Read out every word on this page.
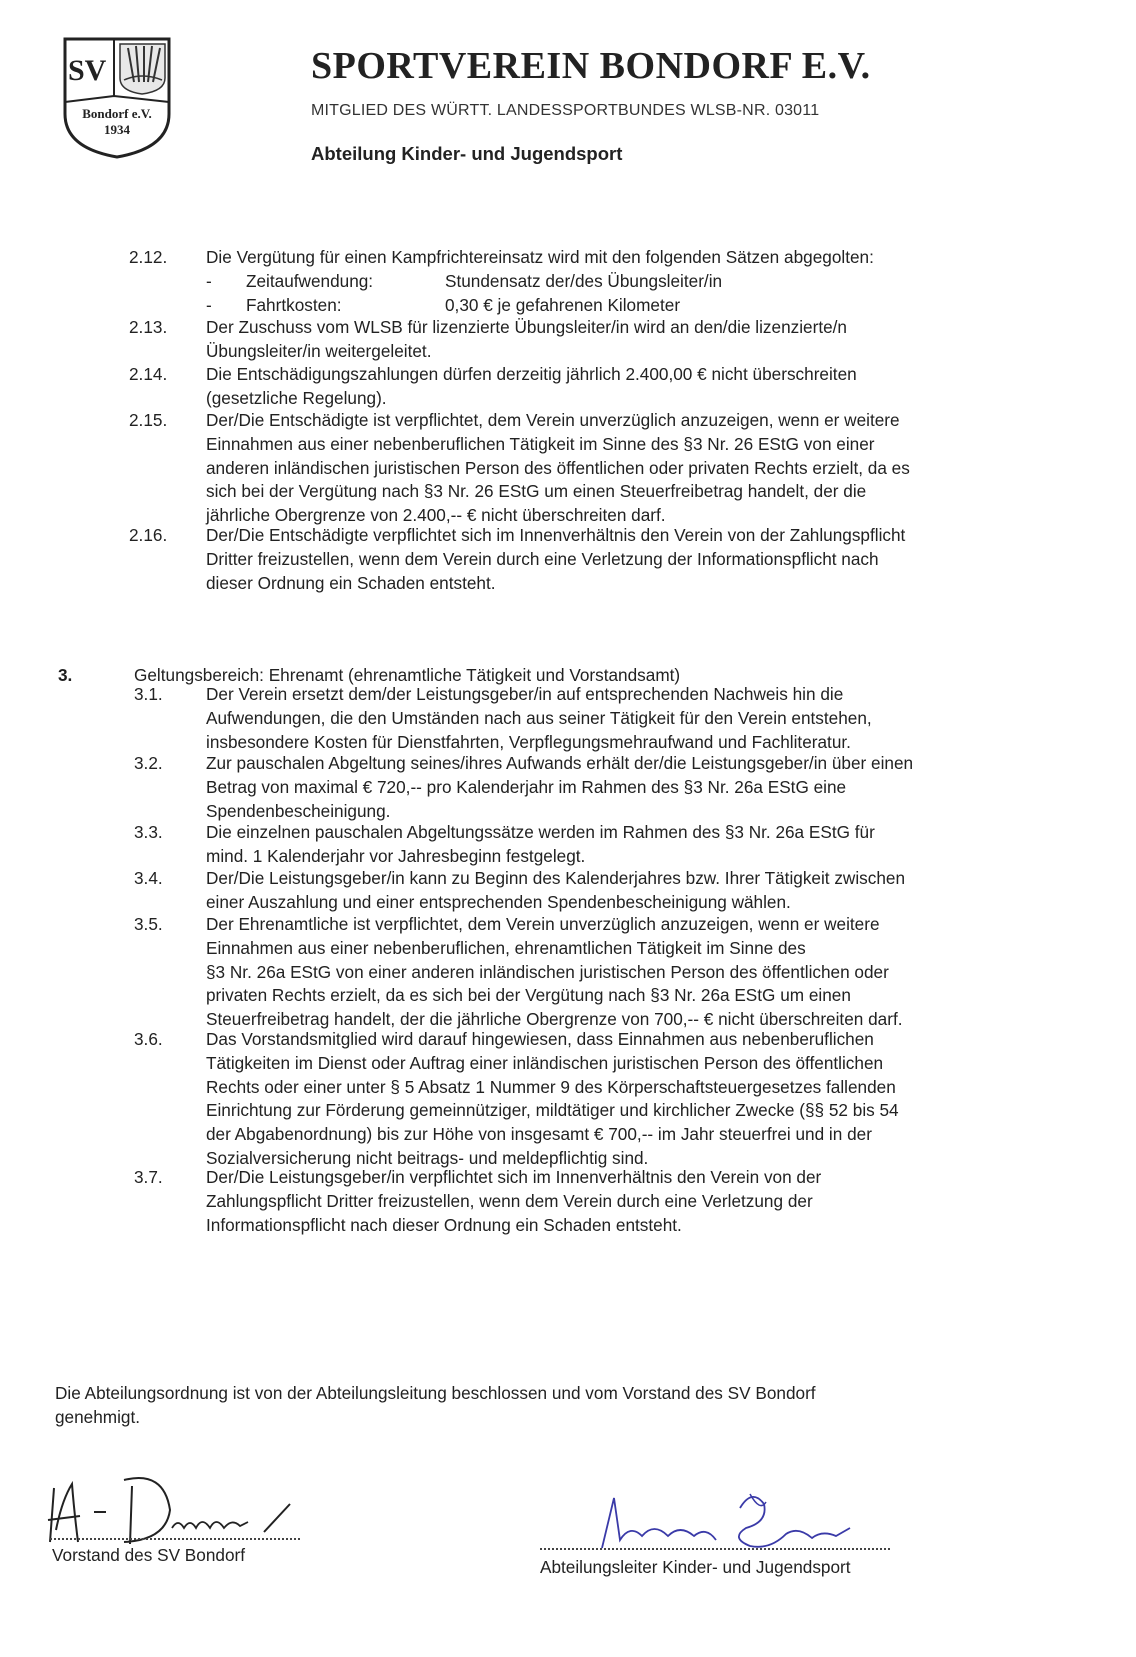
SV
Bondorf e.V.
1934
SPORTVEREIN BONDORF E.V.
MITGLIED DES WÜRTT. LANDESSPORTBUNDES WLSB-NR. 03011
Abteilung Kinder- und Jugendsport
2.12. Die Vergütung für einen Kampfrichtereinsatz wird mit den folgenden Sätzen abgegolten:
- Zeitaufwendung:	Stundensatz der/des Übungsleiter/in
- Fahrtkosten:	0,30 € je gefahrenen Kilometer
2.13. Der Zuschuss vom WLSB für lizenzierte Übungsleiter/in wird an den/die lizenzierte/n
Übungsleiter/in weitergeleitet.
2.14. Die Entschädigungszahlungen dürfen derzeitig jährlich 2.400,00 € nicht überschreiten
(gesetzliche Regelung).
2.15. Der/Die Entschädigte ist verpflichtet, dem Verein unverzüglich anzuzeigen, wenn er weitere
Einnahmen aus einer nebenberuflichen Tätigkeit im Sinne des §3 Nr. 26 EStG von einer
anderen inländischen juristischen Person des öffentlichen oder privaten Rechts erzielt, da es
sich bei der Vergütung nach §3 Nr. 26 EStG um einen Steuerfreibetrag handelt, der die
jährliche Obergrenze von 2.400,-- € nicht überschreiten darf.
2.16. Der/Die Entschädigte verpflichtet sich im Innenverhältnis den Verein von der Zahlungspflicht
Dritter freizustellen, wenn dem Verein durch eine Verletzung der Informationspflicht nach
dieser Ordnung ein Schaden entsteht.
3.	Geltungsbereich: Ehrenamt (ehrenamtliche Tätigkeit und Vorstandsamt)
3.1.	Der Verein ersetzt dem/der Leistungsgeber/in auf entsprechenden Nachweis hin die
Aufwendungen, die den Umständen nach aus seiner Tätigkeit für den Verein entstehen,
insbesondere Kosten für Dienstfahrten, Verpflegungsmehraufwand und Fachliteratur.
3.2.	Zur pauschalen Abgeltung seines/ihres Aufwands erhält der/die Leistungsgeber/in über einen
Betrag von maximal € 720,-- pro Kalenderjahr im Rahmen des §3 Nr. 26a EStG eine
Spendenbescheinigung.
3.3.	Die einzelnen pauschalen Abgeltungssätze werden im Rahmen des §3 Nr. 26a EStG für
mind. 1 Kalenderjahr vor Jahresbeginn festgelegt.
3.4.	Der/Die Leistungsgeber/in kann zu Beginn des Kalenderjahres bzw. Ihrer Tätigkeit zwischen
einer Auszahlung und einer entsprechenden Spendenbescheinigung wählen.
3.5.	Der Ehrenamtliche ist verpflichtet, dem Verein unverzüglich anzuzeigen, wenn er weitere
Einnahmen aus einer nebenberuflichen, ehrenamtlichen Tätigkeit im Sinne des
§3 Nr. 26a EStG von einer anderen inländischen juristischen Person des öffentlichen oder
privaten Rechts erzielt, da es sich bei der Vergütung nach §3 Nr. 26a EStG um einen
Steuerfreibetrag handelt, der die jährliche Obergrenze von 700,-- € nicht überschreiten darf.
3.6.	Das Vorstandsmitglied wird darauf hingewiesen, dass Einnahmen aus nebenberuflichen
Tätigkeiten im Dienst oder Auftrag einer inländischen juristischen Person des öffentlichen
Rechts oder einer unter § 5 Absatz 1 Nummer 9 des Körperschaftsteuergesetzes fallenden
Einrichtung zur Förderung gemeinnütziger, mildtätiger und kirchlicher Zwecke (§§ 52 bis 54
der Abgabenordnung) bis zur Höhe von insgesamt € 700,-- im Jahr steuerfrei und in der
Sozialversicherung nicht beitrags- und meldepflichtig sind.
3.7.	Der/Die Leistungsgeber/in verpflichtet sich im Innenverhältnis den Verein von der
Zahlungspflicht Dritter freizustellen, wenn dem Verein durch eine Verletzung der
Informationspflicht nach dieser Ordnung ein Schaden entsteht.
Die Abteilungsordnung ist von der Abteilungsleitung beschlossen und vom Vorstand des SV Bondorf
genehmigt.
Vorstand des SV Bondorf
Abteilungsleiter Kinder- und Jugendsport
